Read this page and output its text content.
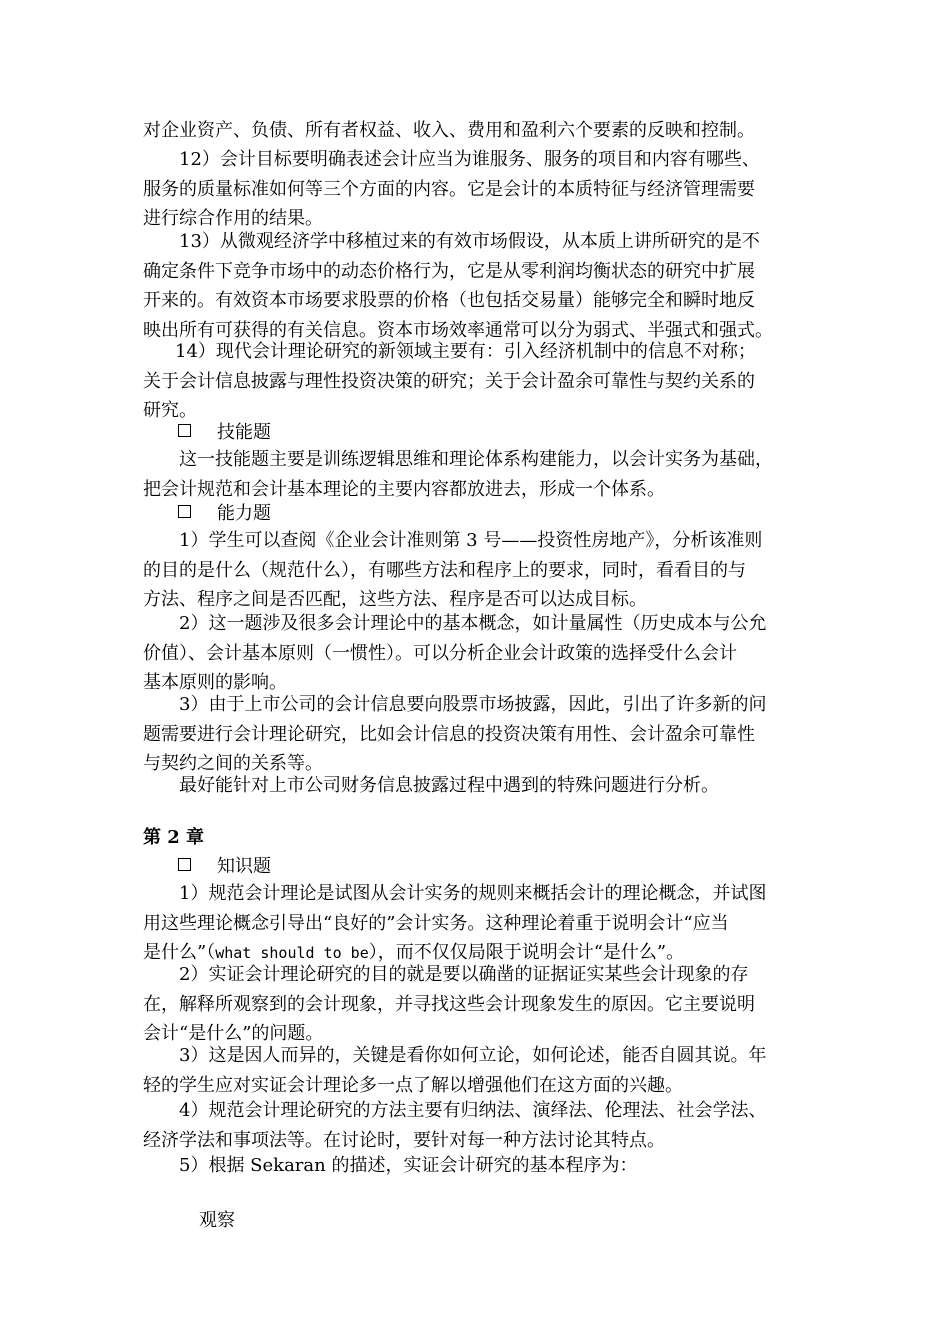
对企业资产、负债、所有者权益、收入、费用和盈利六个要素的反映和控制。

12）会计目标要明确表述会计应当为谁服务、服务的项目和内容有哪些、
服务的质量标准如何等三个方面的内容。它是会计的本质特征与经济管理需要
进行综合作用的结果。

13）从微观经济学中移植过来的有效市场假设，从本质上讲所研究的是不
确定条件下竞争市场中的动态价格行为，它是从零利润均衡状态的研究中扩展
开来的。有效资本市场要求股票的价格（也包括交易量）能够完全和瞬时地反
映出所有可获得的有关信息。资本市场效率通常可以分为弱式、半强式和强式。

14）现代会计理论研究的新领域主要有：引入经济机制中的信息不对称；
关于会计信息披露与理性投资决策的研究；关于会计盈余可靠性与契约关系的
研究。

技能题

这一技能题主要是训练逻辑思维和理论体系构建能力，以会计实务为基础，
把会计规范和会计基本理论的主要内容都放进去，形成一个体系。

能力题

1）学生可以查阅《企业会计准则第 3 号——投资性房地产》，分析该准则
的目的是什么（规范什么），有哪些方法和程序上的要求，同时，看看目的与
方法、程序之间是否匹配，这些方法、程序是否可以达成目标。

2）这一题涉及很多会计理论中的基本概念，如计量属性（历史成本与公允
价值）、会计基本原则（一惯性）。可以分析企业会计政策的选择受什么会计
基本原则的影响。

3）由于上市公司的会计信息要向股票市场披露，因此，引出了许多新的问
题需要进行会计理论研究，比如会计信息的投资决策有用性、会计盈余可靠性
与契约之间的关系等。

最好能针对上市公司财务信息披露过程中遇到的特殊问题进行分析。

第 2 章
知识题

1）规范会计理论是试图从会计实务的规则来概括会计的理论概念，并试图
用这些理论概念引导出“良好的”会计实务。这种理论着重于说明会计“应当
是什么”（what should to be），而不仅仅局限于说明会计“是什么”。

2）实证会计理论研究的目的就是要以确凿的证据证实某些会计现象的存
在，解释所观察到的会计现象，并寻找这些会计现象发生的原因。它主要说明
会计“是什么”的问题。

3）这是因人而异的，关键是看你如何立论，如何论述，能否自圆其说。年
轻的学生应对实证会计理论多一点了解以增强他们在这方面的兴趣。

4）规范会计理论研究的方法主要有归纳法、演绎法、伦理法、社会学法、
经济学法和事项法等。在讨论时，要针对每一种方法讨论其特点。

5）根据 Sekaran 的描述，实证会计研究的基本程序为：

观察
